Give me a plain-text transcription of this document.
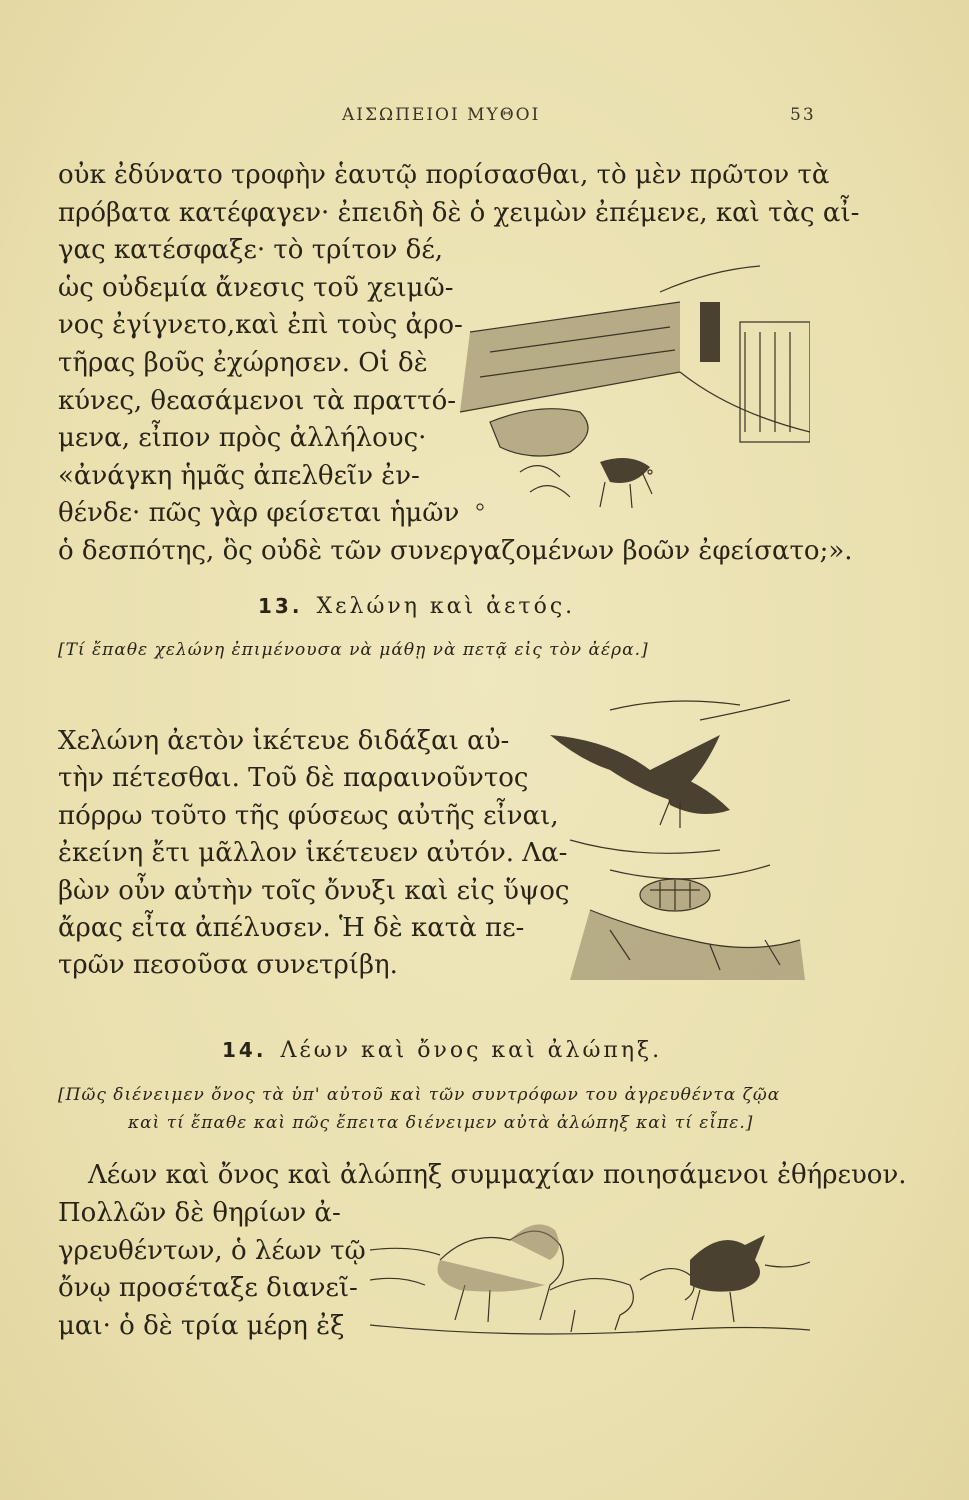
ΑΙΣΩΠΕΙΟΙ ΜΥΘΟΙ	53
οὐκ ἐδύνατο τροφὴν ἑαυτῷ πορίσασθαι, τὸ μὲν πρῶτον τὰ
πρόβατα κατέφαγεν· ἐπειδὴ δὲ ὁ χειμὼν ἐπέμενε, καὶ τὰς αἶ-
γας κατέσφαξε· τὸ τρίτον δέ,
ὡς οὐδεμία ἄνεσις τοῦ χειμῶ-
νος ἐγίγνετο,καὶ ἐπὶ τοὺς ἀρο-
τῆρας βοῦς ἐχώρησεν. Οἱ δὲ
κύνες, θεασάμενοι τὰ πραττό-
μενα, εἶπον πρὸς ἀλλήλους·
«ἀνάγκη ἡμᾶς ἀπελθεῖν ἐν-
θένδε· πῶς γὰρ φείσεται ἡμῶν
ὁ δεσπότης, ὃς οὐδὲ τῶν συνεργαζομένων βοῶν ἐφείσατο;».
13. Χελώνη καὶ ἀετός.
[Τί ἔπαθε χελώνη ἐπιμένουσα νὰ μάθῃ νὰ πετᾷ εἰς τὸν ἀέρα.]
Χελώνη ἀετὸν ἱκέτευε διδάξαι αὐ-
τὴν πέτεσθαι. Τοῦ δὲ παραινοῦντος
πόρρω τοῦτο τῆς φύσεως αὐτῆς εἶναι,
ἐκείνη ἔτι μᾶλλον ἱκέτευεν αὐτόν. Λα-
βὼν οὖν αὐτὴν τοῖς ὄνυξι καὶ εἰς ὕψος
ἄρας εἶτα ἀπέλυσεν. Ἡ δὲ κατὰ πε-
τρῶν πεσοῦσα συνετρίβη.
14. Λέων καὶ ὄνος καὶ ἀλώπηξ.
[Πῶς διένειμεν ὄνος τὰ ὑπ' αὐτοῦ καὶ τῶν συντρόφων του ἀγρευθέντα ζῷα
καὶ τί ἔπαθε καὶ πῶς ἔπειτα διένειμεν αὐτὰ ἀλώπηξ καὶ τί εἶπε.]
Λέων καὶ ὄνος καὶ ἀλώπηξ συμμαχίαν ποιησάμενοι ἐθήρευον.
Πολλῶν δὲ θηρίων ἀ-
γρευθέντων, ὁ λέων τῷ
ὄνῳ προσέταξε διανεῖ-
μαι· ὁ δὲ τρία μέρη ἐξ
